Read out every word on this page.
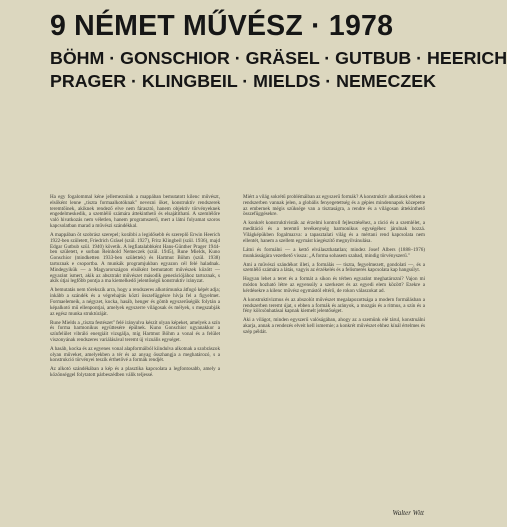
9 NÉMET MŰVÉSZ · 1978
BÖHM · GONSCHIOR · GRÄSEL · GUTBUB · HEERICH
PRAGER · KLINGBEIL · MIELDS · NEMECZEK

Ha egy fogalommal kéne jellemeznünk a mappában bemutatott kilenc művészt, elsőként lenne „tiszta formaalkotóknak" nevezni őket, konstruktív rendszerek teremtőinek, akiknek rendező elve nem fárasztó, hanem objektív törvényeknek engedelmeskedik, a szemlélő számára áttekinthető és elsajátítható. A szemlélőre való hivatkozás nem véletlen, hanem programszerű, mert a látni folyamat szoros kapcsolatban marad a művészi szándékkal.

A mappában öt szobrász szerepel; korábbi a legidősebb és szereplő Erwin Heerich 1922-ben született, Friedrich Gräsel (szül. 1927), Fritz Klingbeil (szül. 1936), majd Edgar Gutbub szül. 1940) követik. A legfiatalabbként Hans-Günther Prager 1944-ben született, e sorban Reinhold Nemeczek (szül. 1945), Rune Mields, Kuno Gonschior (mindketten 1933-ben születtek) és Hartmut Böhm (szül. 1938) tartoznak e csoportba. A munkák programjukban egyazon cél felé haladnak. Mindegyikük — a Magyarországon elsőként bemutatott művészek között — egyaránt ismert, akik az absztrakt művészet második generációjához tartoznak, s akik útjai legfőbb pontja a ma kiemelkedő jelentőségű konstruktív irányzat.

A bemutatás nem törekszik arra, hogy a rendszeres alkotómunka átfogó képét adja; inkább a szándék és a végrehajtás közti összefüggésre hívja fel a figyelmet. Formaelemeik, a négyzet, kocka, hasáb, henger és gömb egyszerűségük folytán a képalkotó mű ellenpontjai, amelyek egyszerre világosak és mélyek, s megszabják az egész munka struktúráját.

Rune Mields a „tiszta festészet" felé irányulva készít olyan képeket, amelyek a szín és forma harmonikus együttesére épülnek. Kuno Gonschior ugyanakkor a színfelület vibráló energiáit vizsgálja, míg Hartmut Böhm a vonal és a felület viszonyának rendszeres variálásával teremt új vizuális egységet.

A hasáb, kocka és az egyenes vonal alapformáiból kiindulva alkotnak a szobrászok olyan műveket, amelyekben a tér és az anyag összhangja a meghatározó, s a konstrukció törvényei teszik érthetővé a formák rendjét.

Az alkotó szándékában a kép és a plasztika kapcsolata a legfontosabb, amely a közönséggel folytatott párbeszédben válik teljessé.

Miért a világ sokrétű problémáiban az egyszerű formák? A konstruktív alkotások ebben a rendszerben vannak jelen, a globális fenyegetettség és a gépies mindennapok közepette az embernek mégis szüksége van a tisztaságra, a rendre és a világosan áttekinthető összefüggésekre.

A konkrét konstruktivisták az érzelmi kontroll fejlesztéséhez, a ráció és a szemlélet, a meditáció és a teremtő tevékenység harmonikus egységéhez járulnak hozzá. Világképükben fogalmazva: a tapasztalati világ és a mértani rend kapcsolata nem ellentét, hanem a szellem egymást kiegészítő megnyilvánulása.

Látni és formálni — a kettő elválaszthatatlan; mindez Josef Albers (1888–1976) munkásságára vezethető vissza: „A forma sohasem szabad, mindig törvényszerű."

Ami a művészi szándékot illeti, a formálás — tiszta, fegyelmezett, gondolati —, és a szemlélő számára a látás, vagyis az érzékelés és a felismerés kapcsolata kap hangsúlyt.

Hogyan lehet a teret és a formát a síkon és térben egyaránt meghatározni? Vajon mi módon hozható létre az egyensúly a szerkezet és az egyedi elem között? Ezekre a kérdésekre a kilenc művész egymástól eltérő, de rokon válaszokat ad.

A konstruktivizmus és az abszolút művészet megalapozottsága a modern formálásban a rendszerben teremt újat, s ebben a formák és arányok, a mozgás és a ritmus, a szín és a fény kölcsönhatásai kapnak kiemelt jelentőséget.

Aki a világot, minden egyszerű valóságában, ahogy az a szemünk elé tárul, konstruálni akarja, annak a rendezés elveit kell ismernie; a konkrét művészet ehhez kínál értelmes és szép példát.

Walter Witt
